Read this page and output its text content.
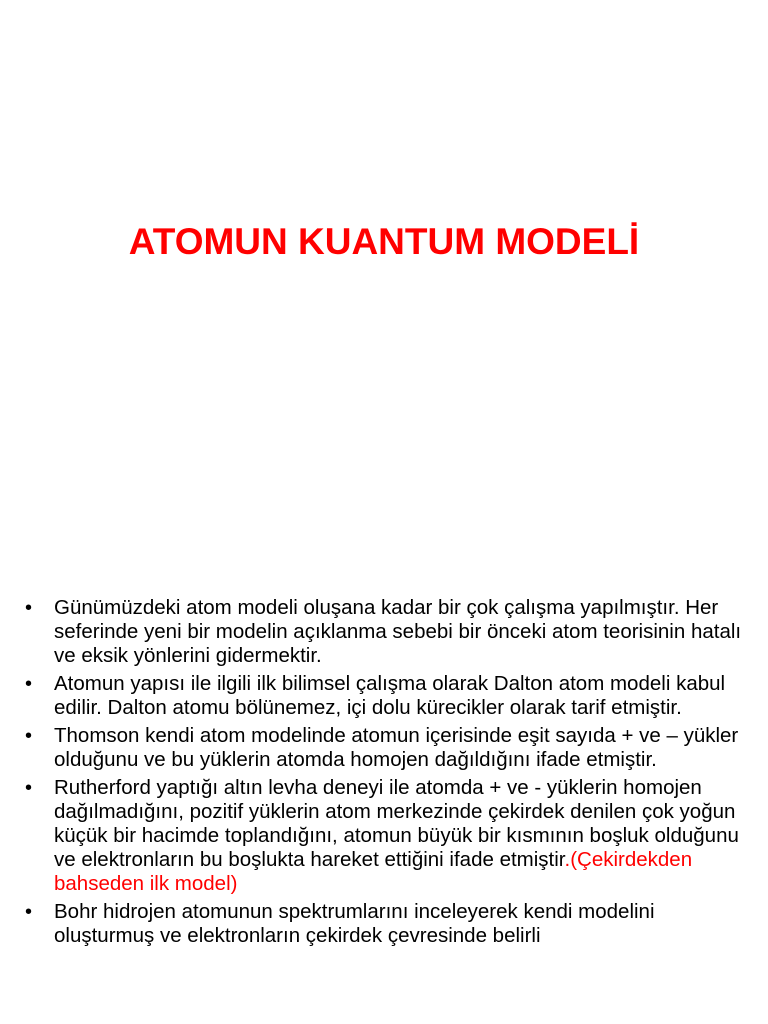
ATOMUN KUANTUM MODELİ
• Günümüzdeki atom modeli oluşana kadar bir çok çalışma yapılmıştır. Her seferinde yeni bir modelin açıklanma sebebi bir önceki atom teorisinin hatalı ve eksik yönlerini gidermektir.
• Atomun yapısı ile ilgili ilk bilimsel çalışma olarak Dalton atom modeli kabul edilir. Dalton atomu bölünemez, içi dolu kürecikler olarak tarif etmiştir.
• Thomson kendi atom modelinde atomun içerisinde eşit sayıda + ve – yükler olduğunu ve bu yüklerin atomda homojen dağıldığını ifade etmiştir.
• Rutherford yaptığı altın levha deneyi ile atomda + ve - yüklerin homojen dağılmadığını, pozitif yüklerin atom merkezinde çekirdek denilen çok yoğun küçük bir hacimde toplandığını, atomun büyük bir kısmının boşluk olduğunu ve elektronların bu boşlukta hareket ettiğini ifade etmiştir.(Çekirdekden bahseden ilk model)
• Bohr hidrojen atomunun spektrumlarını inceleyerek kendi modelini oluşturmuş ve elektronların çekirdek çevresinde belirli
